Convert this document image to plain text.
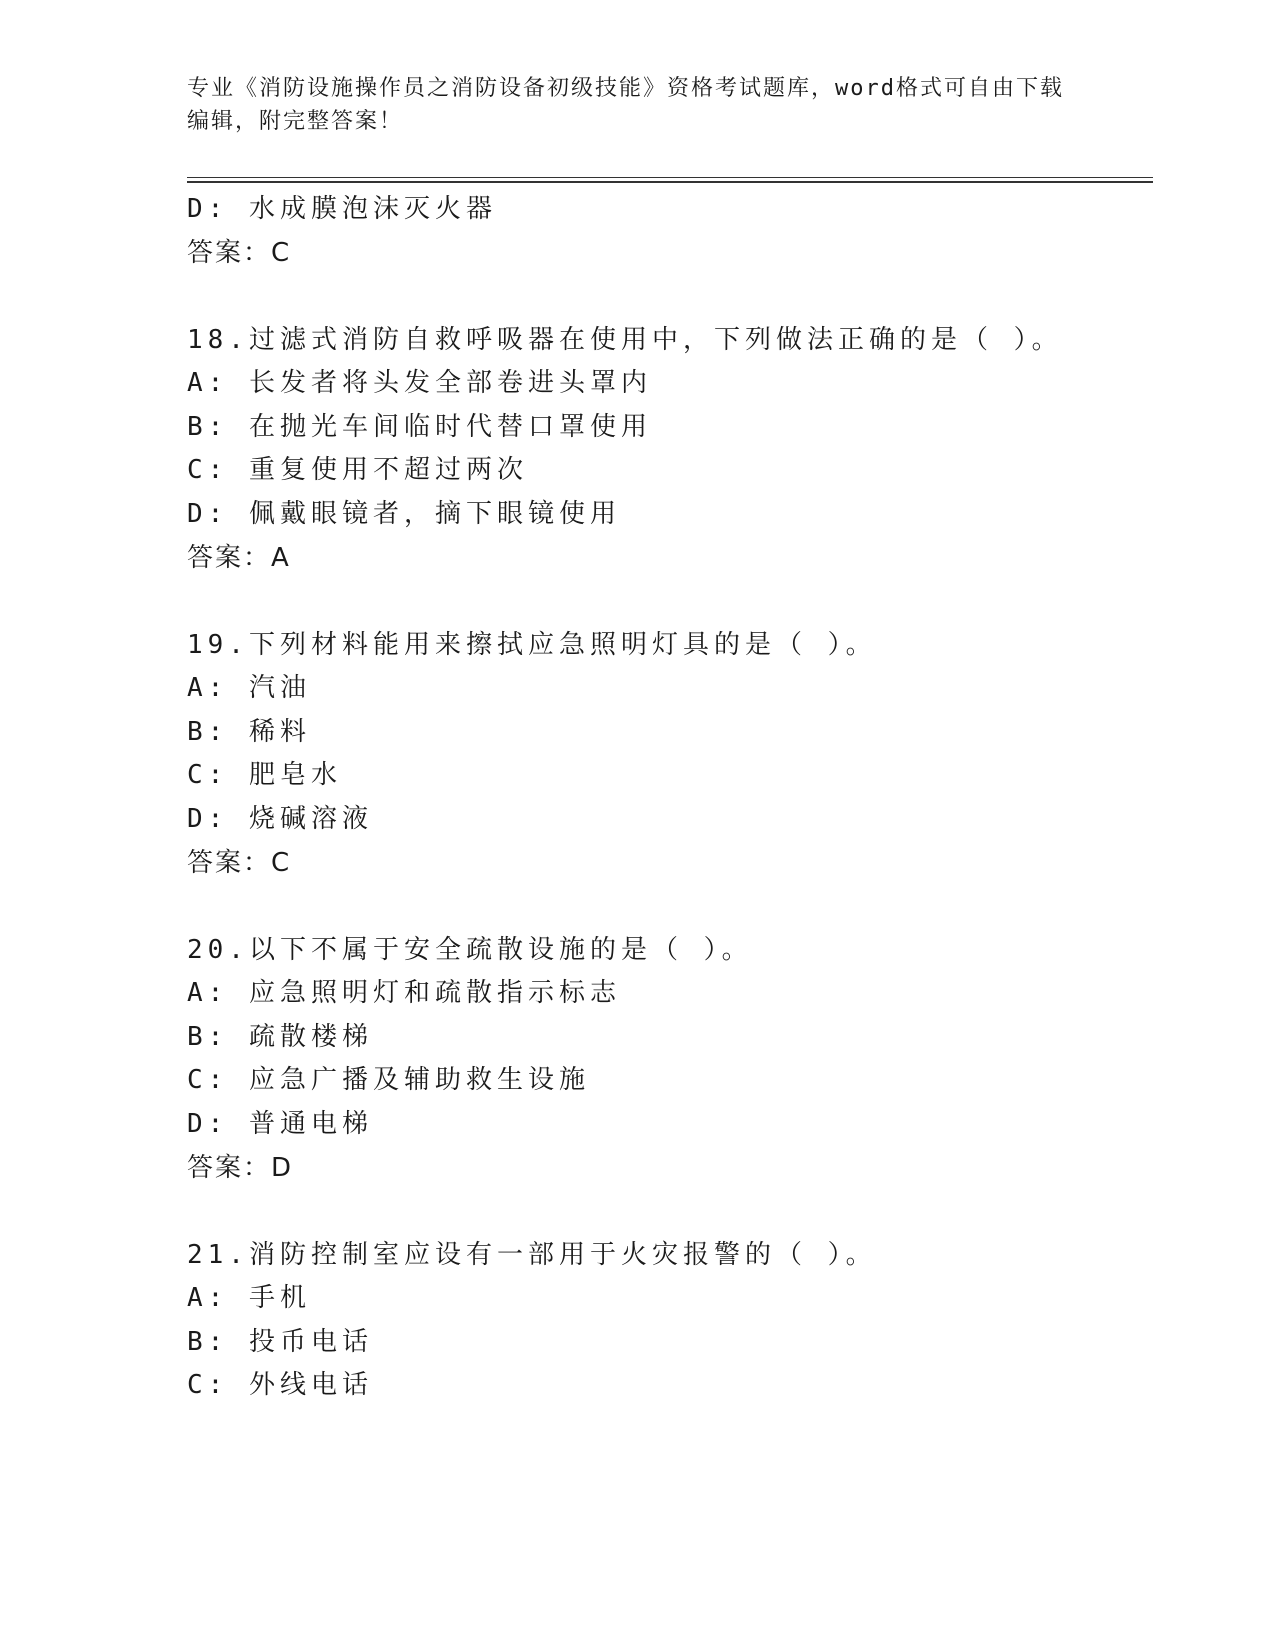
专业《消防设施操作员之消防设备初级技能》资格考试题库，word格式可自由下载编辑，附完整答案！
D: 水成膜泡沫灭火器
答案：C
18.过滤式消防自救呼吸器在使用中，下列做法正确的是（ ）。
A: 长发者将头发全部卷进头罩内
B: 在抛光车间临时代替口罩使用
C: 重复使用不超过两次
D: 佩戴眼镜者，摘下眼镜使用
答案：A
19.下列材料能用来擦拭应急照明灯具的是（ ）。
A: 汽油
B: 稀料
C: 肥皂水
D: 烧碱溶液
答案：C
20.以下不属于安全疏散设施的是（ ）。
A: 应急照明灯和疏散指示标志
B: 疏散楼梯
C: 应急广播及辅助救生设施
D: 普通电梯
答案：D
21.消防控制室应设有一部用于火灾报警的（ ）。
A: 手机
B: 投币电话
C: 外线电话
